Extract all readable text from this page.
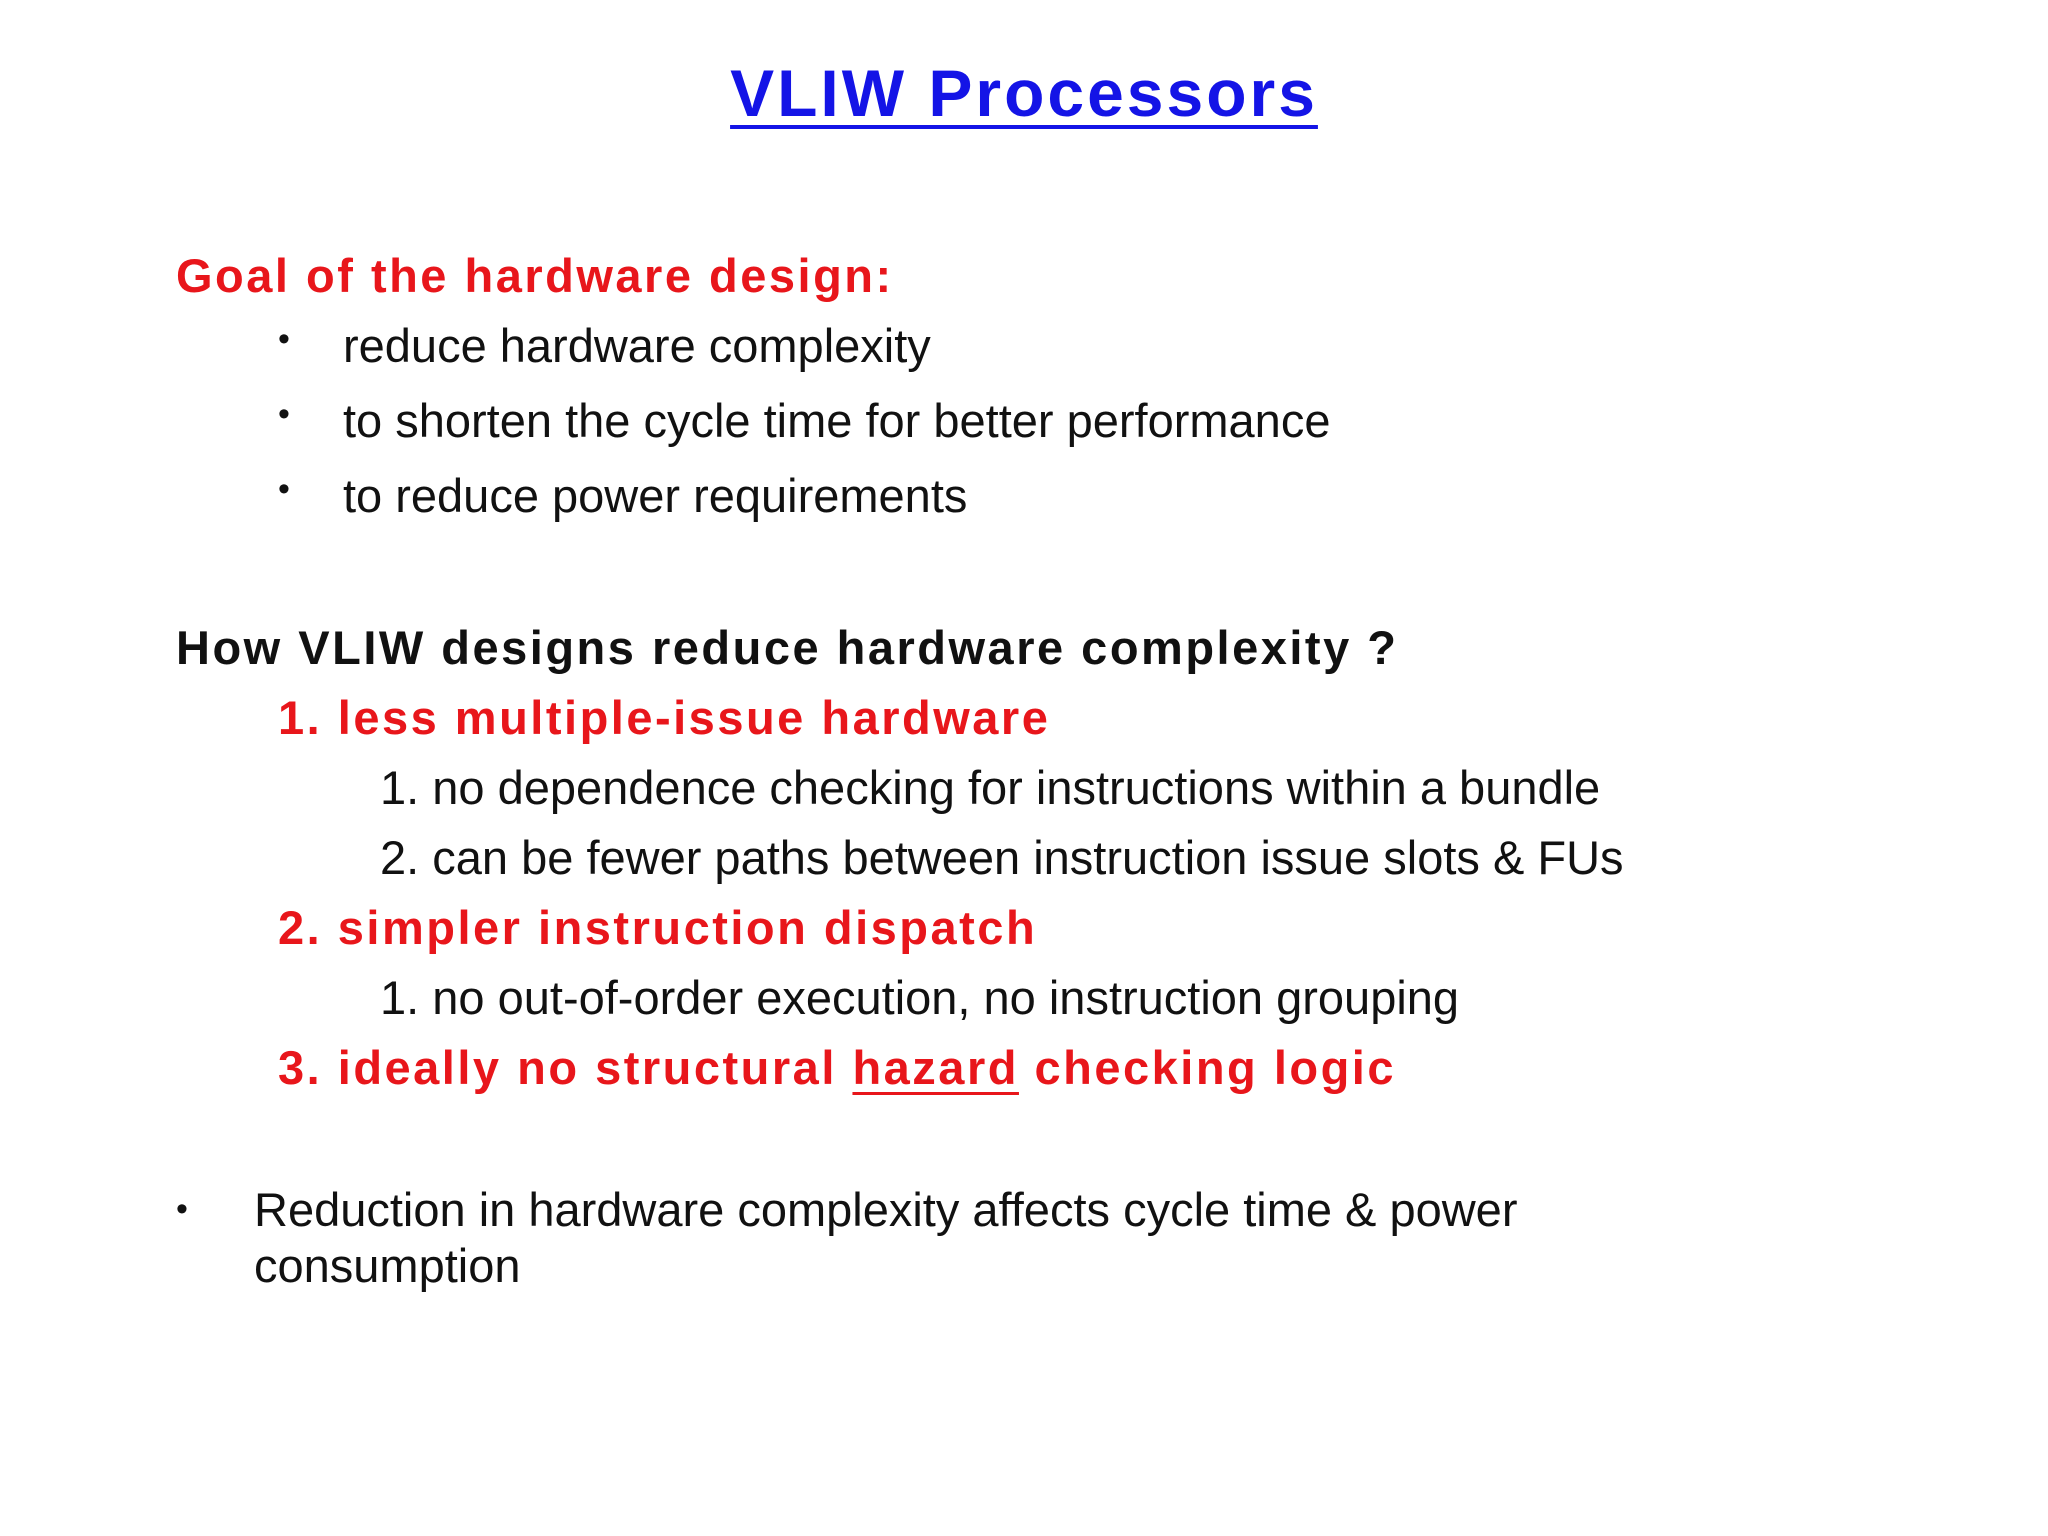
VLIW Processors
Goal of the hardware design:
• reduce hardware complexity
• to shorten the cycle time for better performance
• to reduce power requirements
How VLIW designs reduce hardware complexity ?
1. less multiple-issue hardware
1. no dependence checking for instructions within a bundle
2. can be fewer paths between instruction issue slots & FUs
2. simpler instruction dispatch
1. no out-of-order execution, no instruction grouping
3. ideally no structural hazard checking logic
• Reduction in hardware complexity affects cycle time & power
consumption
